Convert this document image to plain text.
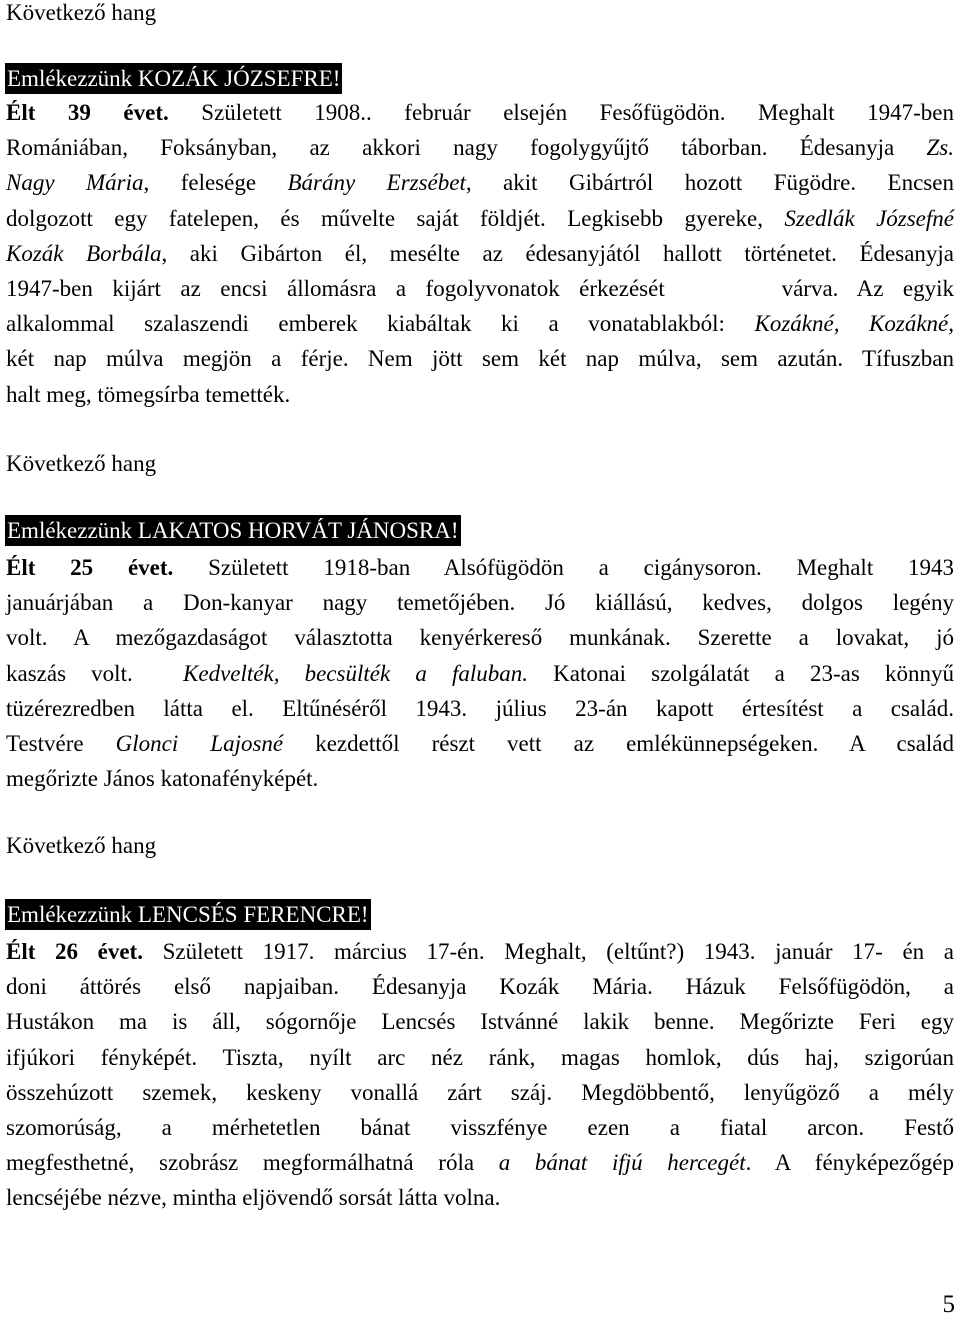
Következő hang
Emlékezzünk KOZÁK JÓZSEFRE!
Élt 39 évet. Született 1908.. február elsején Fesőfügödön. Meghalt 1947-ben
Romániában, Foksányban, az akkori nagy fogolygyűjtő táborban. Édesanyja Zs.
Nagy Mária, felesége Bárány Erzsébet, akit Gibártról hozott Fügödre. Encsen
dolgozott egy fatelepen, és művelte saját földjét. Legkisebb gyereke, Szedlák Józsefné
Kozák Borbála, aki Gibárton él, mesélte az édesanyjától hallott történetet. Édesanyja
1947-ben kijárt az encsi állomásra a fogolyvonatok érkezését      várva. Az egyik
alkalommal szalaszendi emberek kiabáltak ki a vonatablakból: Kozákné, Kozákné,
két nap múlva megjön a férje. Nem jött sem két nap múlva, sem azután. Tífuszban
halt meg, tömegsírba temették.
Következő hang
Emlékezzünk LAKATOS HORVÁT JÁNOSRA!
Élt 25 évet. Született 1918-ban Alsófügödön a cigánysoron. Meghalt 1943
januárjában a Don-kanyar nagy temetőjében. Jó kiállású, kedves, dolgos legény
volt. A mezőgazdaságot választotta kenyérkereső munkának. Szerette a lovakat, jó
kaszás volt.  Kedvelték, becsülték a faluban. Katonai szolgálatát a 23-as könnyű
tüzérezredben látta el. Eltűnéséről 1943. július 23-án kapott értesítést a család.
Testvére Glonci Lajosné kezdettől részt vett az emlékünnepségeken. A család
megőrizte János katonafényképét.
Következő hang
Emlékezzünk LENCSÉS FERENCRE!
Élt 26 évet. Született 1917. március 17-én. Meghalt, (eltűnt?) 1943. január 17- én a
doni áttörés első napjaiban. Édesanyja Kozák Mária. Házuk Felsőfügödön, a
Hustákon ma is áll, sógornője Lencsés Istvánné lakik benne. Megőrizte Feri egy
ifjúkori fényképét. Tiszta, nyílt arc néz ránk, magas homlok, dús haj, szigorúan
összehúzott szemek, keskeny vonallá zárt száj. Megdöbbentő, lenyűgöző a mély
szomorúság, a mérhetetlen bánat visszfénye ezen a fiatal arcon. Festő
megfesthetné, szobrász megformálhatná róla a bánat ifjú hercegét. A fényképezőgép
lencséjébe nézve, mintha eljövendő sorsát látta volna.
5
